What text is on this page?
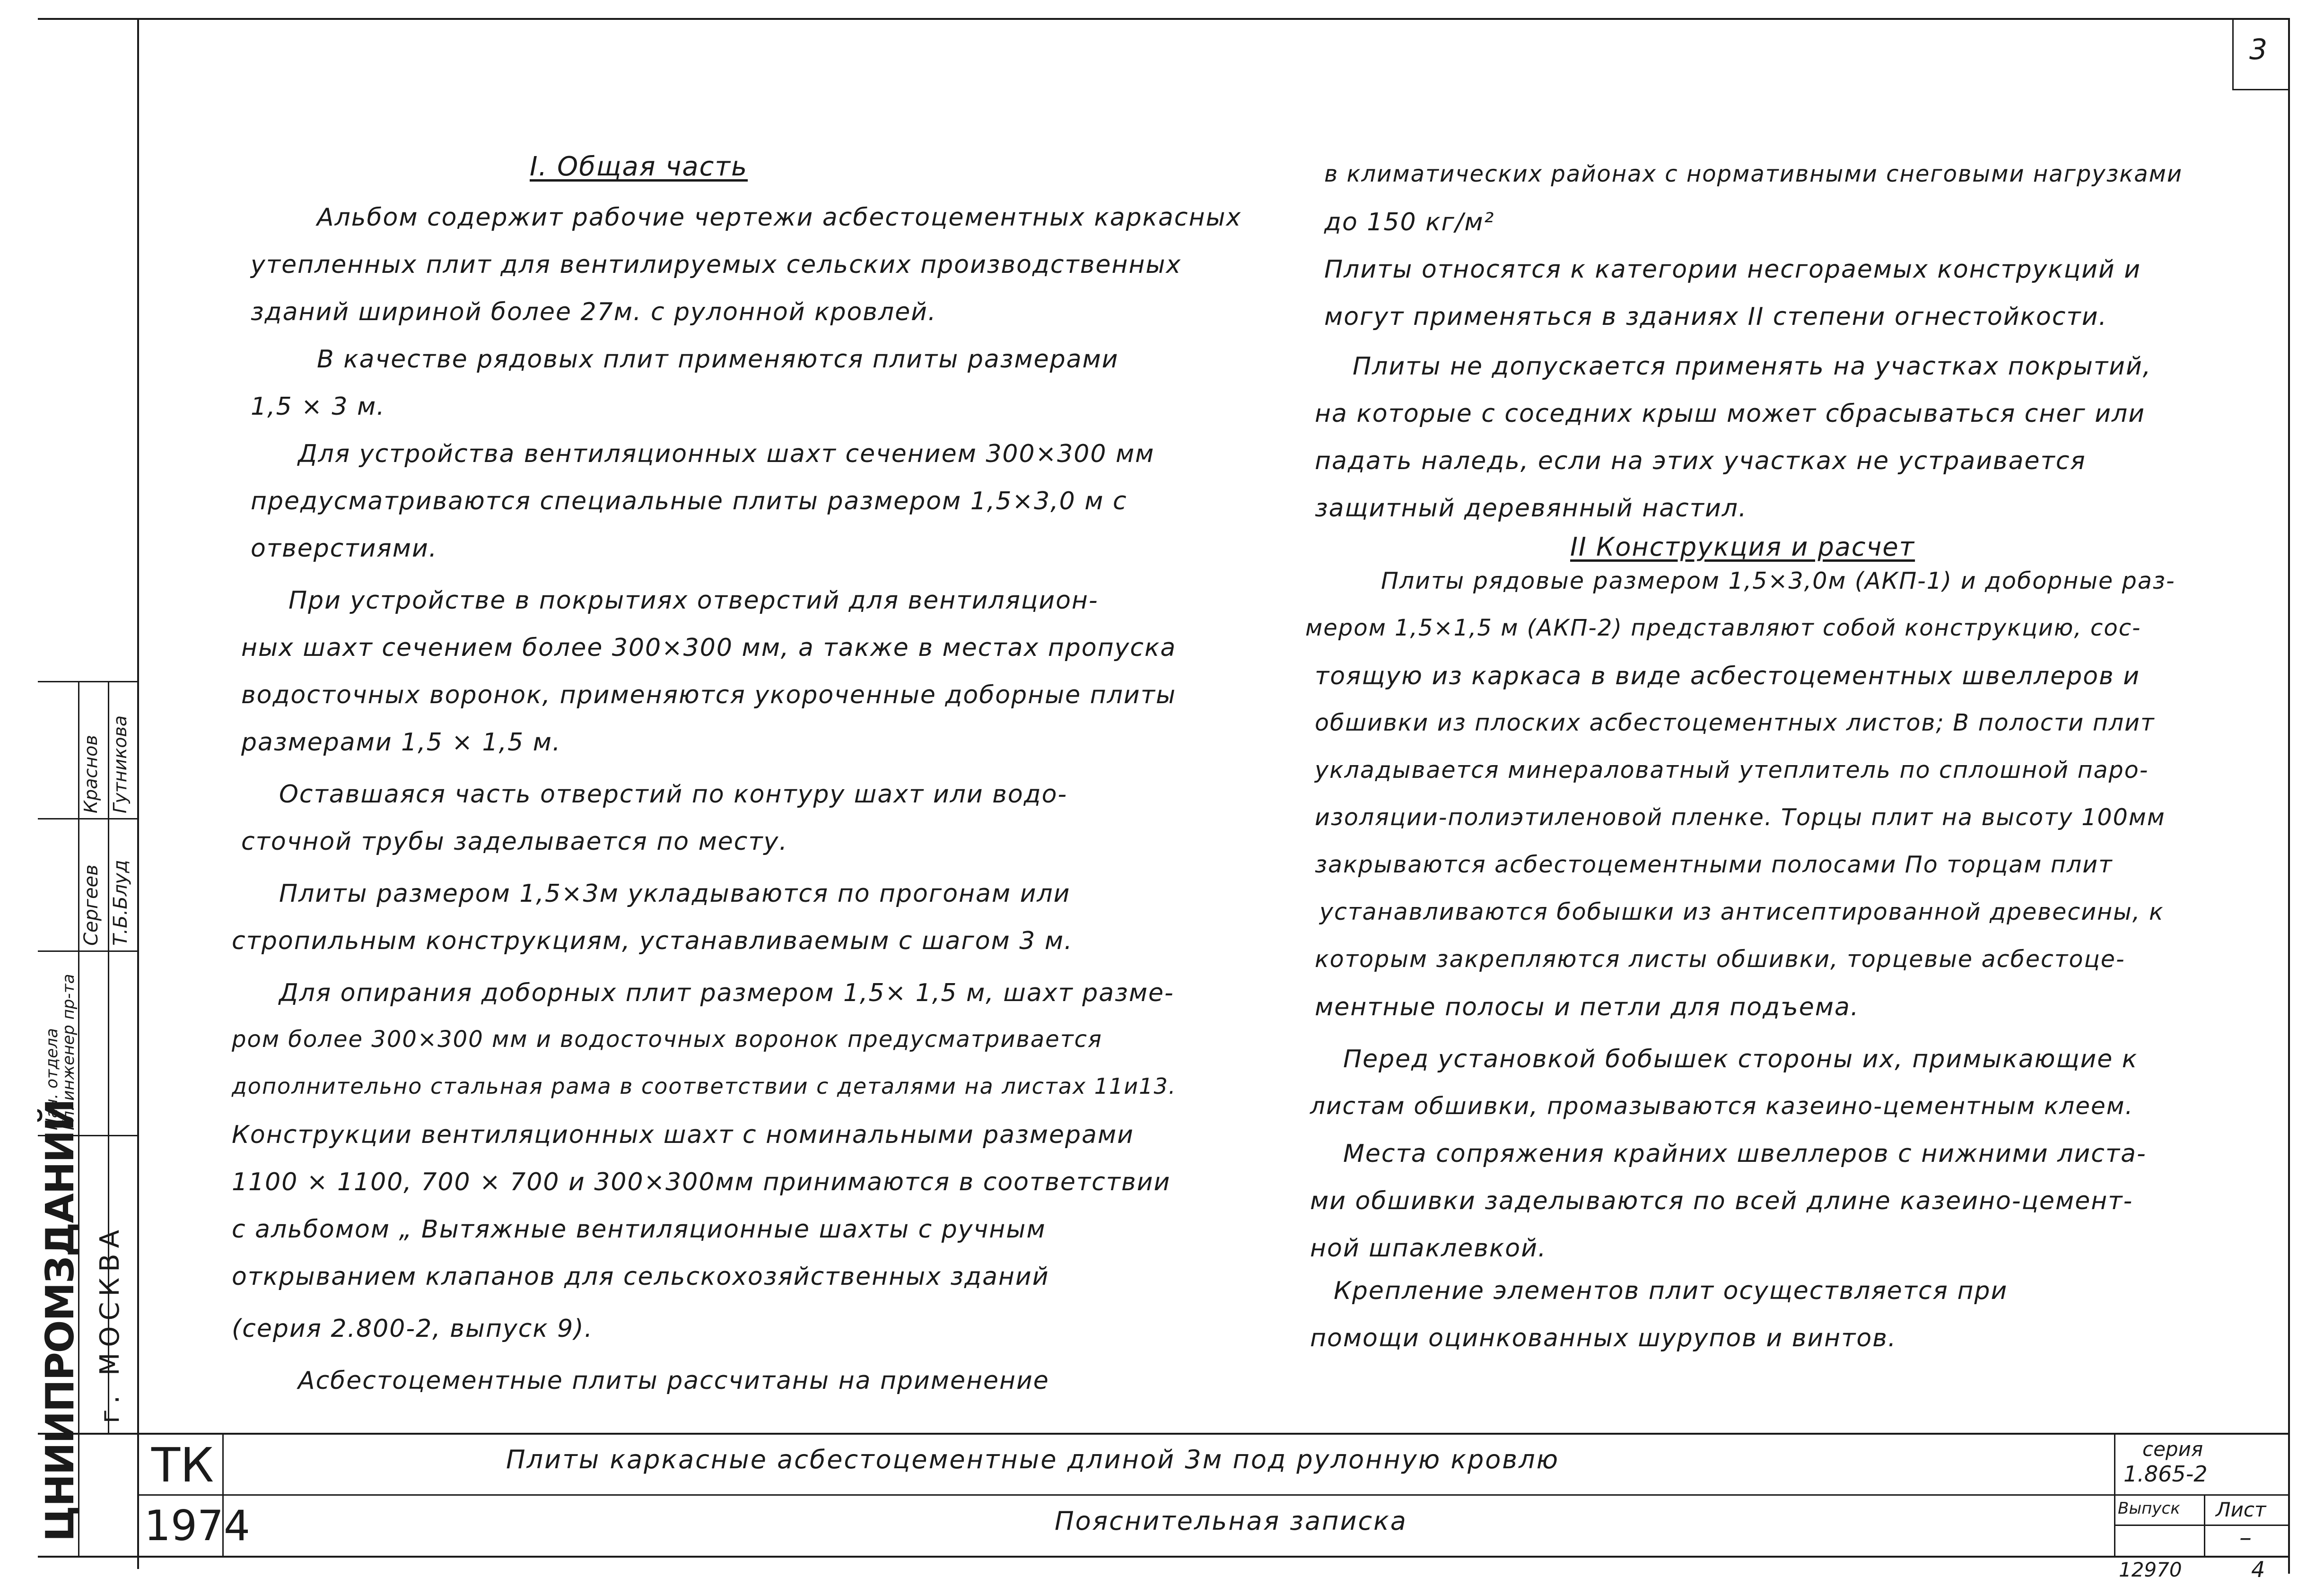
3
I. Общая часть
Альбом содержит рабочие чертежи асбестоцементных каркасных
утепленных плит для вентилируемых сельских производственных
зданий шириной более 27м. с рулонной кровлей.
В качестве рядовых плит применяются плиты размерами
1,5 × 3 м.
Для устройства вентиляционных шахт сечением 300×300 мм
предусматриваются специальные плиты размером 1,5×3,0 м с
отверстиями.
При устройстве в покрытиях отверстий для вентиляцион-
ных шахт сечением более 300×300 мм, а также в местах пропуска
водосточных воронок, применяются укороченные доборные плиты
размерами 1,5 × 1,5 м.
Оставшаяся часть отверстий по контуру шахт или водо-
сточной трубы заделывается по месту.
Плиты размером 1,5×3м укладываются по прогонам или
стропильным конструкциям, устанавливаемым с шагом 3 м.
Для опирания доборных плит размером 1,5× 1,5 м, шахт разме-
ром более 300×300 мм и водосточных воронок предусматривается
дополнительно стальная рама в соответствии с деталями на листах 11и13.
Конструкции вентиляционных шахт с номинальными размерами
1100 × 1100, 700 × 700 и 300×300мм принимаются в соответствии
с альбомом „ Вытяжные вентиляционные шахты с ручным
открыванием клапанов для сельскохозяйственных зданий
(серия 2.800-2, выпуск 9).
Асбестоцементные плиты рассчитаны на применение
в климатических районах с нормативными снеговыми нагрузками
до 150 кг/м²
Плиты относятся к категории несгораемых конструкций и
могут применяться в зданиях II степени огнестойкости.
Плиты не допускается применять на участках покрытий,
на которые с соседних крыш может сбрасываться снег или
падать наледь, если на этих участках не устраивается
защитный деревянный настил.
II Конструкция и расчет
Плиты рядовые размером 1,5×3,0м (АКП-1) и доборные раз-
мером 1,5×1,5 м (АКП-2) представляют собой конструкцию, сос-
тоящую из каркаса в виде асбестоцементных швеллеров и
обшивки из плоских асбестоцементных листов; В полости плит
укладывается минераловатный утеплитель по сплошной паро-
изоляции-полиэтиленовой пленке. Торцы плит на высоту 100мм
закрываются асбестоцементными полосами По торцам плит
устанавливаются бобышки из антисептированной древесины, к
которым закрепляются листы обшивки, торцевые асбестоце-
ментные полосы и петли для подъема.
Перед установкой бобышек стороны их, примыкающие к
листам обшивки, промазываются казеино-цементным клеем.
Места сопряжения крайних швеллеров с нижними листа-
ми обшивки заделываются по всей длине казеино-цемент-
ной шпаклевкой.
Крепление элементов плит осуществляется при
помощи оцинкованных шурупов и винтов.
ТК
1974
Плиты каркасные асбестоцементные длиной 3м под рулонную кровлю
Пояснительная записка
серия
1.865-2
Выпуск Лист
–
12970	4
ЦНИИПРОМЗДАНИЙ г. МОСКВА
Нач. отдела
Гл. инженер пр-та
Сергеев Т.Б.Блуд
Краснов Гутникова
